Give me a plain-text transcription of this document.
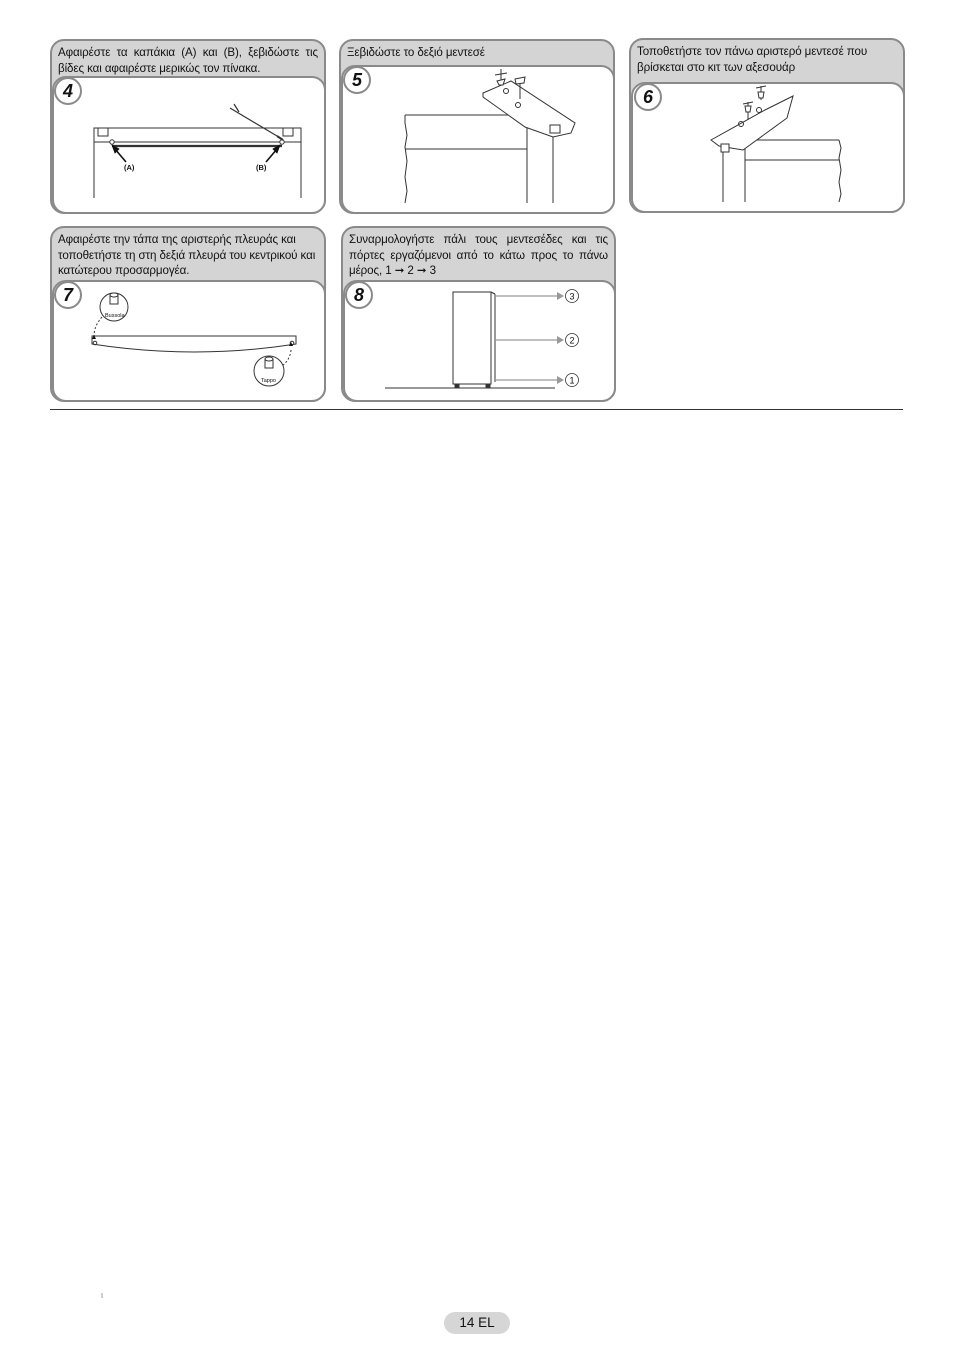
Αφαιρέστε τα καπάκια (A) και (B), ξεβιδώστε τις βίδες και αφαιρέστε μερικώς τον πίνακα.
(A)	(B)
4
Ξεβιδώστε το δεξιό μεντεσέ
5
Τοποθετήστε τον πάνω αριστερό μεντεσέ που βρίσκεται στο κιτ των αξεσουάρ
6
Αφαιρέστε την τάπα της αριστερής πλευράς και τοποθετήστε τη στη δεξιά πλευρά του κεντρικού και κατώτερου προσαρμογέα.
Bussola
Tappo
7
Συναρμολογήστε πάλι τους μεντεσέδες και τις πόρτες εργαζόμενοι από το κάτω προς το πάνω μέρος, 1 ➞ 2 ➞ 3
3
2
1
8
ι
14 EL
